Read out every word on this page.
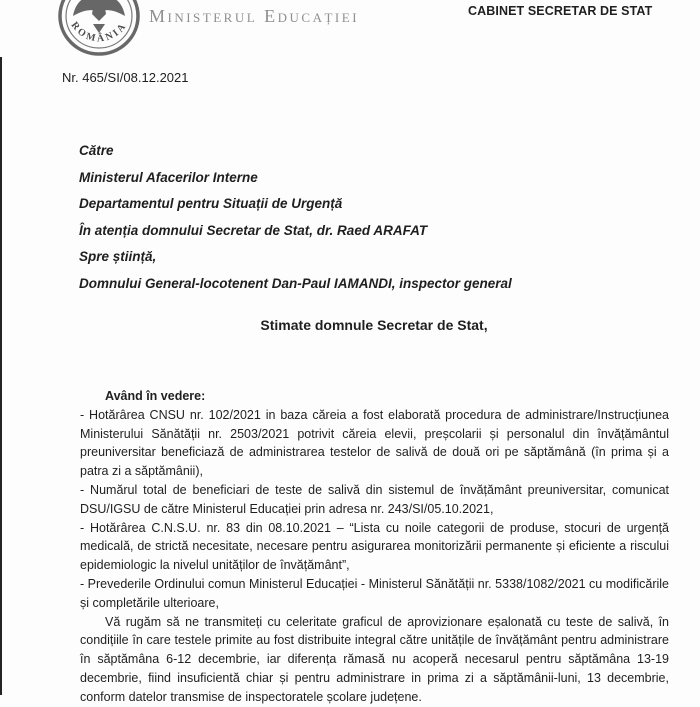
ROMÂNIA
Ministerul Educației	CABINET SECRETAR DE STAT
Nr. 465/SI/08.12.2021
Către
Ministerul Afacerilor Interne
Departamentul pentru Situații de Urgență
În atenția domnului Secretar de Stat, dr. Raed ARAFAT
Spre știință,
Domnului General-locotenent Dan-Paul IAMANDI, inspector general
Stimate domnule Secretar de Stat,

Având în vedere:

- Hotărârea CNSU nr. 102/2021 in baza căreia a fost elaborată procedura de administrare/Instrucțiunea Ministerului Sănătății nr. 2503/2021 potrivit căreia elevii, preșcolarii și personalul din învățământul preuniversitar beneficiază de administrarea testelor de salivă de două ori pe săptămână (în prima și a patra zi a săptămânii),

- Numărul total de beneficiari de teste de salivă din sistemul de învățământ preuniversitar, comunicat DSU/IGSU de către Ministerul Educației prin adresa nr. 243/SI/05.10.2021,

- Hotărârea C.N.S.U. nr. 83 din 08.10.2021 – “Lista cu noile categorii de produse, stocuri de urgență medicală, de strictă necesitate, necesare pentru asigurarea monitorizării permanente și eficiente a riscului epidemiologic la nivelul unităților de învățământ”,

- Prevederile Ordinului comun Ministerul Educației - Ministerul Sănătății nr. 5338/1082/2021 cu modificările și completările ulterioare,

Vă rugăm să ne transmiteți cu celeritate graficul de aprovizionare eșalonată cu teste de salivă, în condițiile în care testele primite au fost distribuite integral către unitățile de învățământ pentru administrare în săptămâna 6-12 decembrie, iar diferența rămasă nu acoperă necesarul pentru săptămâna 13-19 decembrie, fiind insuficientă chiar și pentru administrare in prima zi a săptămânii-luni, 13 decembrie, conform datelor transmise de inspectoratele școlare județene.
